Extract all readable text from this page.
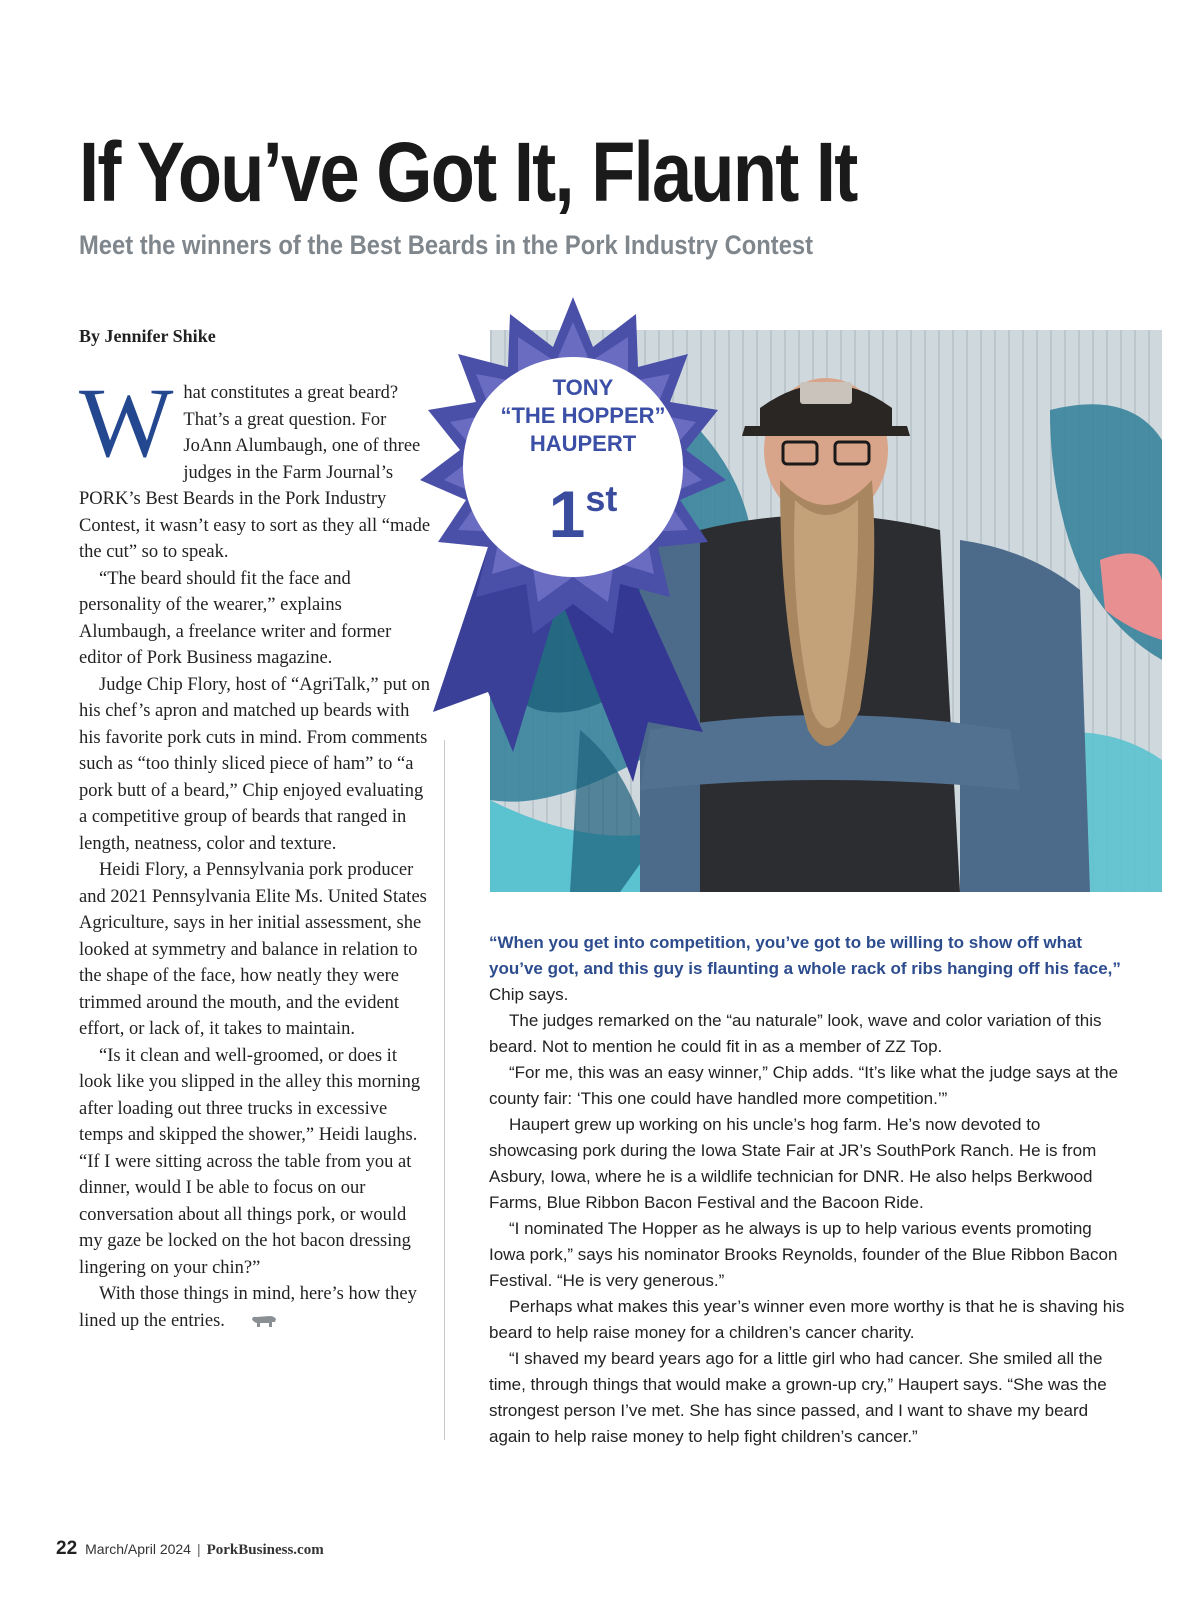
If You’ve Got It, Flaunt It
Meet the winners of the Best Beards in the Pork Industry Contest
By Jennifer Shike

What constitutes a great beard? That’s a great question. For JoAnn Alumbaugh, one of three judges in the Farm Journal’s PORK’s Best Beards in the Pork Industry Contest, it wasn’t easy to sort as they all “made the cut” so to speak.

“The beard should fit the face and personality of the wearer,” explains Alumbaugh, a freelance writer and former editor of Pork Business magazine.

Judge Chip Flory, host of “AgriTalk,” put on his chef’s apron and matched up beards with his favorite pork cuts in mind. From comments such as “too thinly sliced piece of ham” to “a pork butt of a beard,” Chip enjoyed evaluating a competitive group of beards that ranged in length, neatness, color and texture.

Heidi Flory, a Pennsylvania pork producer and 2021 Pennsylvania Elite Ms. United States Agriculture, says in her initial assessment, she looked at symmetry and balance in relation to the shape of the face, how neatly they were trimmed around the mouth, and the evident effort, or lack of, it takes to maintain.

“Is it clean and well-groomed, or does it look like you slipped in the alley this morning after loading out three trucks in excessive temps and skipped the shower,” Heidi laughs. “If I were sitting across the table from you at dinner, would I be able to focus on our conversation about all things pork, or would my gaze be locked on the hot bacon dressing lingering on your chin?”

With those things in mind, here’s how they lined up the entries.

TONY
“THE HOPPER”
HAUPERT
1st

“When you get into competition, you’ve got to be willing to show off what you’ve got, and this guy is flaunting a whole rack of ribs hanging off his face,” Chip says.

The judges remarked on the “au naturale” look, wave and color variation of this beard. Not to mention he could fit in as a member of ZZ Top.

“For me, this was an easy winner,” Chip adds. “It’s like what the judge says at the county fair: ‘This one could have handled more competition.’”

Haupert grew up working on his uncle’s hog farm. He’s now devoted to showcasing pork during the Iowa State Fair at JR’s SouthPork Ranch. He is from Asbury, Iowa, where he is a wildlife technician for DNR. He also helps Berkwood Farms, Blue Ribbon Bacon Festival and the Bacoon Ride.

“I nominated The Hopper as he always is up to help various events promoting Iowa pork,” says his nominator Brooks Reynolds, founder of the Blue Ribbon Bacon Festival. “He is very generous.”

Perhaps what makes this year’s winner even more worthy is that he is shaving his beard to help raise money for a children’s cancer charity.

“I shaved my beard years ago for a little girl who had cancer. She smiled all the time, through things that would make a grown-up cry,” Haupert says. “She was the strongest person I’ve met. She has since passed, and I want to shave my beard again to help raise money to help fight children’s cancer.”

22 March/April 2024 | PorkBusiness.com
